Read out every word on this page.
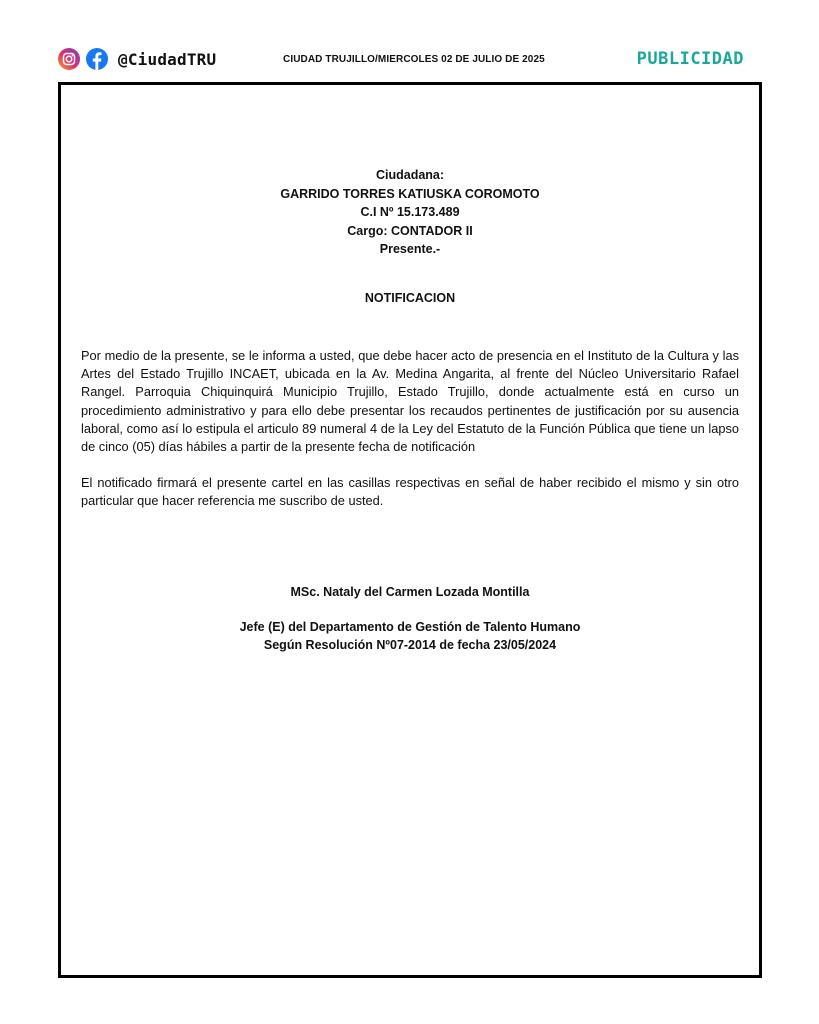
@CiudadTRU	CIUDAD TRUJILLO/MIERCOLES 02 DE JULIO DE 2025	PUBLICIDAD
Ciudadana:
GARRIDO TORRES KATIUSKA COROMOTO
C.I Nº 15.173.489
Cargo: CONTADOR II
Presente.-
NOTIFICACION

Por medio de la presente, se le informa a usted, que debe hacer acto de presencia en el Instituto de la Cultura y las Artes del Estado Trujillo INCAET, ubicada en la Av. Medina Angarita, al frente del Núcleo Universitario Rafael Rangel. Parroquia Chiquinquirá Municipio Trujillo, Estado Trujillo, donde actualmente está en curso un procedimiento administrativo y para ello debe presentar los recaudos pertinentes de justificación por su ausencia laboral, como así lo estipula el articulo 89 numeral 4 de la Ley del Estatuto de la Función Pública que tiene un lapso de cinco (05) días hábiles a partir de la presente fecha de notificación

El notificado firmará el presente cartel en las casillas respectivas en señal de haber recibido el mismo y sin otro particular que hacer referencia me suscribo de usted.

MSc. Nataly del Carmen Lozada Montilla
Jefe (E) del Departamento de Gestión de Talento Humano
Según Resolución Nº07-2014 de fecha 23/05/2024
